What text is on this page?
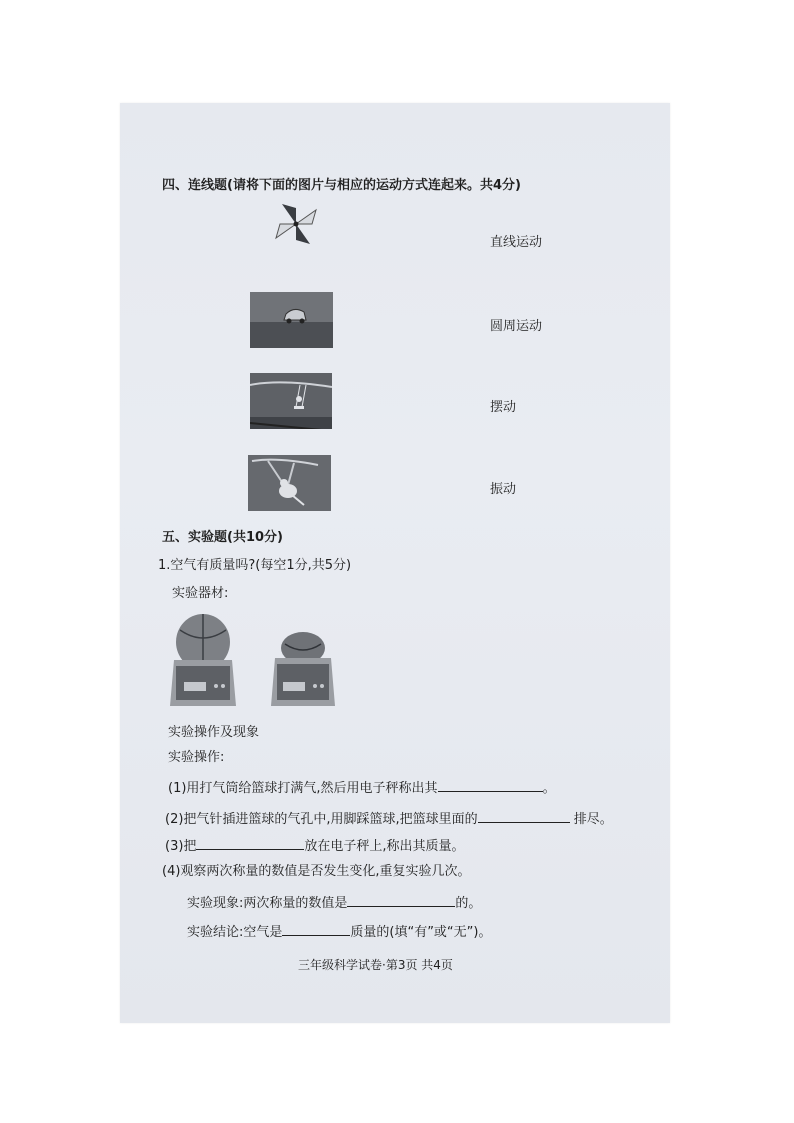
四、连线题(请将下面的图片与相应的运动方式连起来。共4分)
直线运动
圆周运动
摆动
振动
五、实验题(共10分)
1.空气有质量吗?(每空1分,共5分)
实验器材:
实验操作及现象
实验操作:
(1)用打气筒给篮球打满气,然后用电子秤称出其	。
(2)把气针插进篮球的气孔中,用脚踩篮球,把篮球里面的	排尽。
(3)把	放在电子秤上,称出其质量。
(4)观察两次称量的数值是否发生变化,重复实验几次。
实验现象:两次称量的数值是	的。
实验结论:空气是	质量的(填“有”或“无”)。
三年级科学试卷·第3页 共4页
